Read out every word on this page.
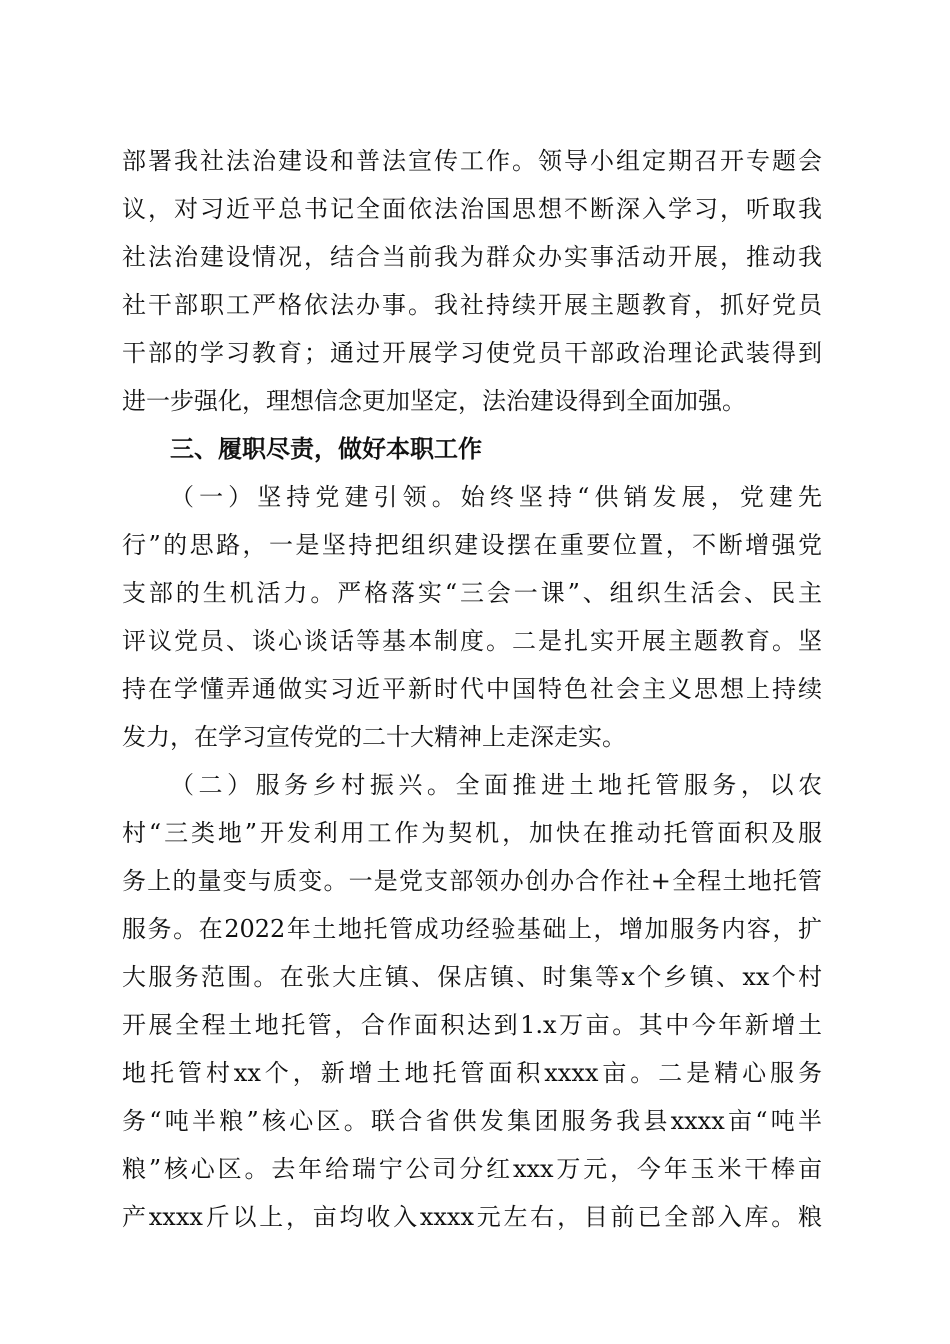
部署我社法治建设和普法宣传工作。领导小组定期召开专题会
议，对习近平总书记全面依法治国思想不断深入学习，听取我
社法治建设情况，结合当前我为群众办实事活动开展，推动我
社干部职工严格依法办事。我社持续开展主题教育，抓好党员
干部的学习教育；通过开展学习使党员干部政治理论武装得到
进一步强化，理想信念更加坚定，法治建设得到全面加强。
三、履职尽责，做好本职工作
（一）坚持党建引领。始终坚持“供销发展，党建先
行”的思路，一是坚持把组织建设摆在重要位置，不断增强党
支部的生机活力。严格落实“三会一课”、组织生活会、民主
评议党员、谈心谈话等基本制度。二是扎实开展主题教育。坚
持在学懂弄通做实习近平新时代中国特色社会主义思想上持续
发力，在学习宣传党的二十大精神上走深走实。
（二）服务乡村振兴。全面推进土地托管服务，以农
村“三类地”开发利用工作为契机，加快在推动托管面积及服
务上的量变与质变。一是党支部领办创办合作社+全程土地托管
服务。在2022年土地托管成功经验基础上，增加服务内容，扩
大服务范围。在张大庄镇、保店镇、时集等x个乡镇、xx个村
开展全程土地托管，合作面积达到1.x万亩。其中今年新增土
地托管村xx个，新增土地托管面积xxxx亩。二是精心服务
务“吨半粮”核心区。联合省供发集团服务我县xxxx亩“吨半
粮”核心区。去年给瑞宁公司分红xxx万元，今年玉米干棒亩
产xxxx斤以上，亩均收入xxxx元左右，目前已全部入库。粮
